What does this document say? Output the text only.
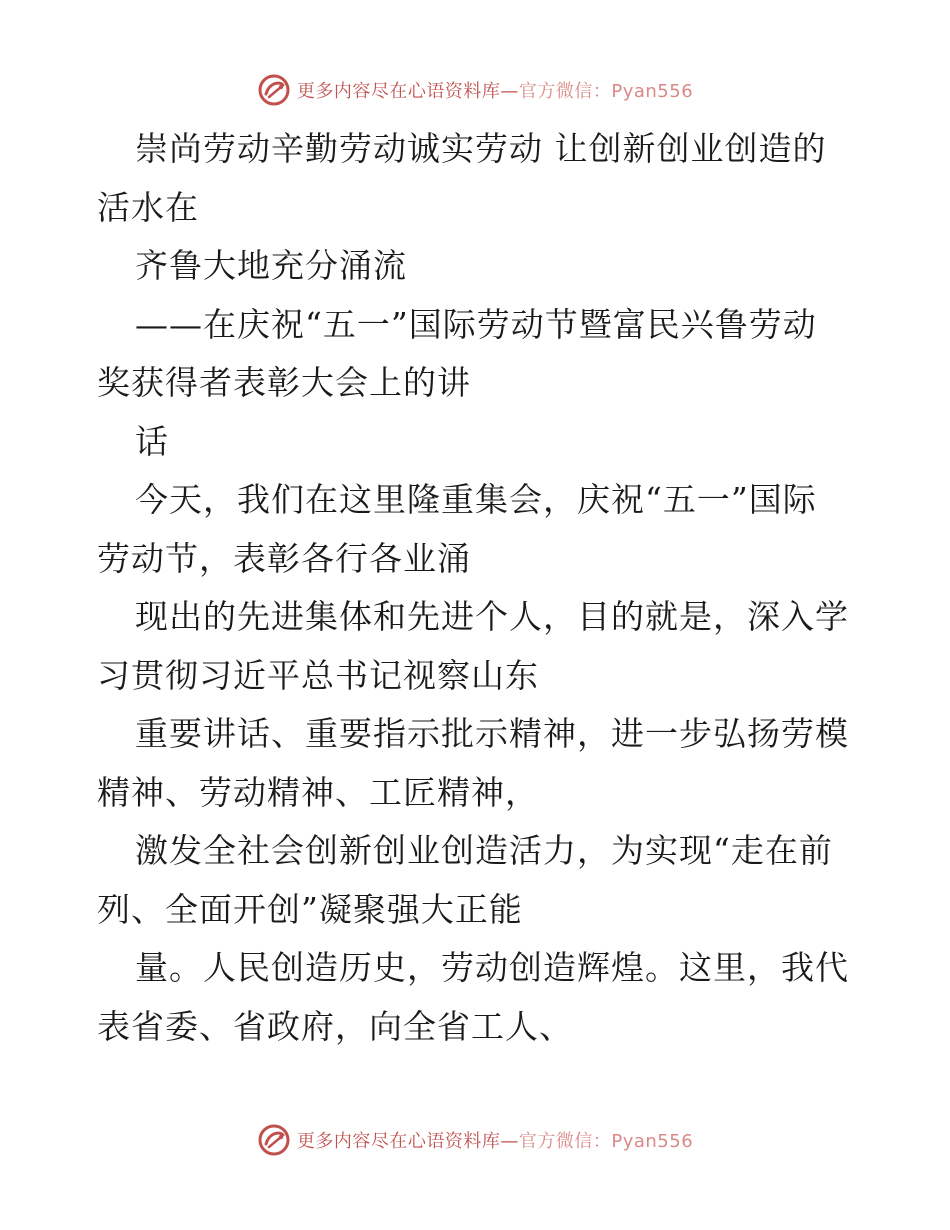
更多内容尽在心语资料库—官方微信：Pyan556
崇尚劳动辛勤劳动诚实劳动 让创新创业创造的
活水在
齐鲁大地充分涌流
——在庆祝“五一”国际劳动节暨富民兴鲁劳动
奖获得者表彰大会上的讲
话
今天，我们在这里隆重集会，庆祝“五一”国际
劳动节，表彰各行各业涌
现出的先进集体和先进个人，目的就是，深入学
习贯彻习近平总书记视察山东
重要讲话、重要指示批示精神，进一步弘扬劳模
精神、劳动精神、工匠精神，
激发全社会创新创业创造活力，为实现“走在前
列、全面开创”凝聚强大正能
量。人民创造历史，劳动创造辉煌。这里，我代
表省委、省政府，向全省工人、
更多内容尽在心语资料库—官方微信：Pyan556
